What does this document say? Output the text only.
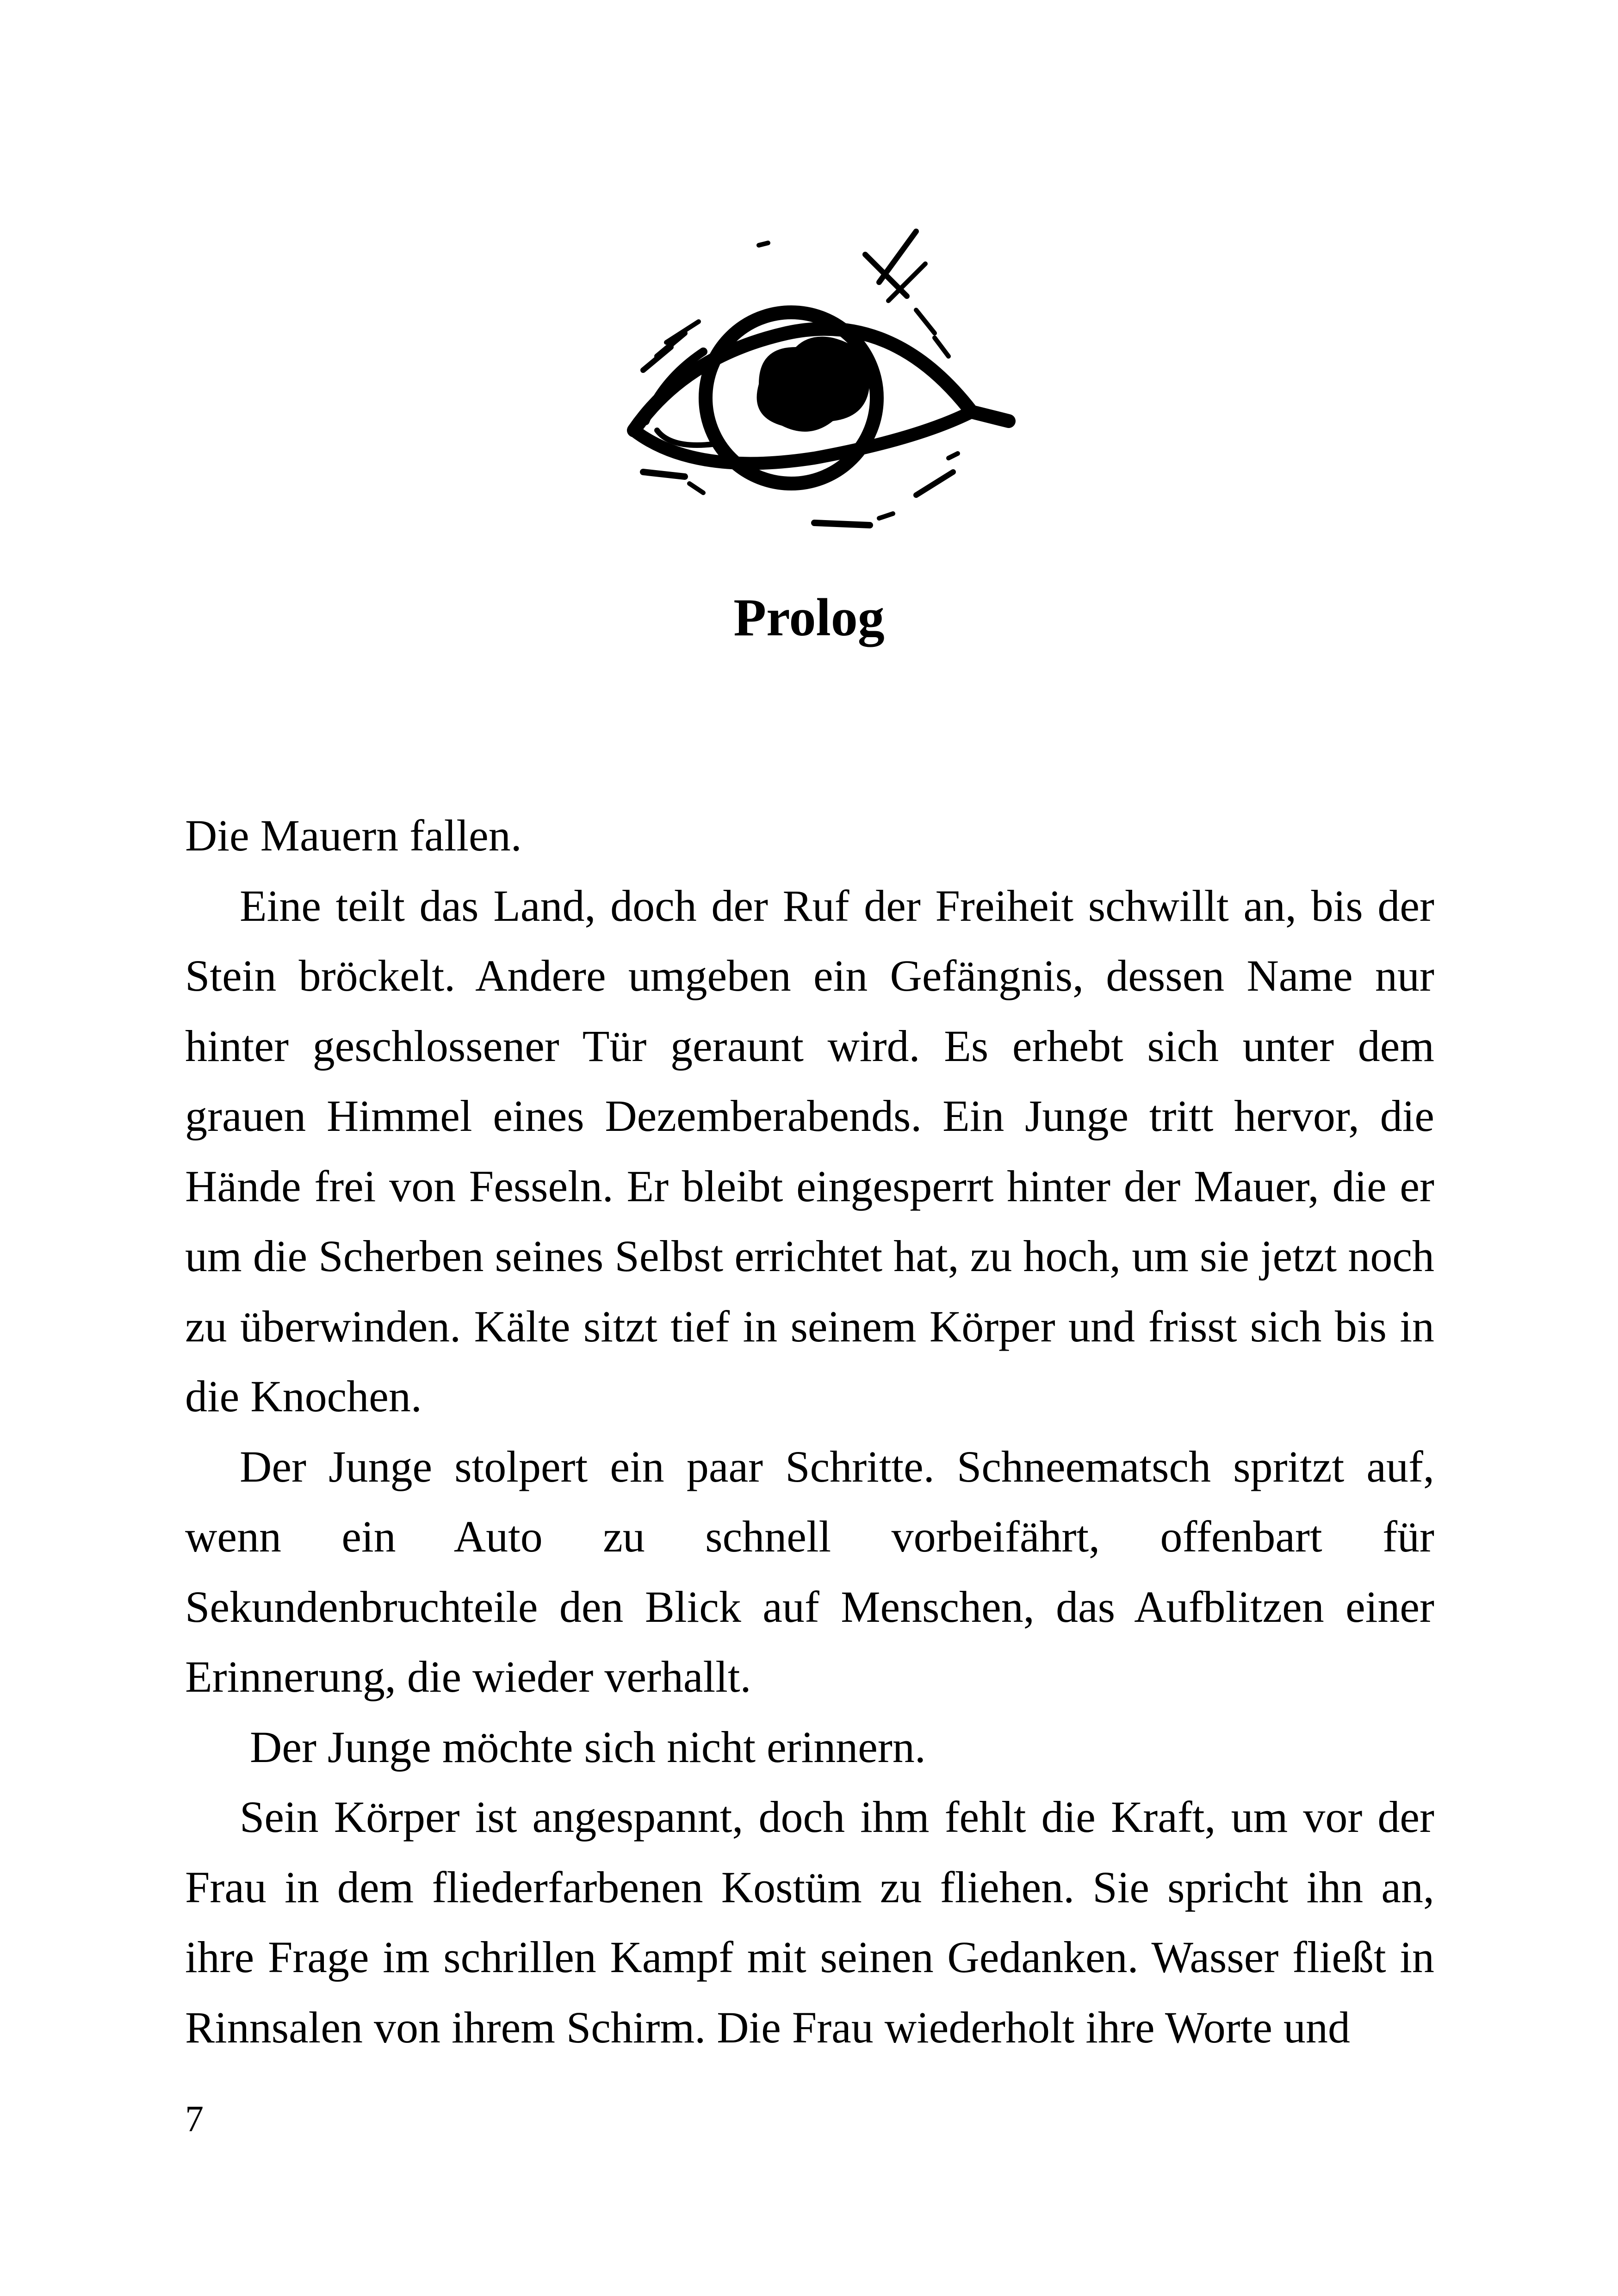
Prolog

Die Mauern fallen.

Eine teilt das Land, doch der Ruf der Freiheit schwillt an, bis der Stein bröckelt. Andere umgeben ein Gefängnis, dessen Name nur hinter geschlossener Tür geraunt wird. Es erhebt sich unter dem grauen Himmel eines Dezemberabends. Ein Junge tritt hervor, die Hände frei von Fesseln. Er bleibt eingesperrt hinter der Mauer, die er um die Scherben seines Selbst errichtet hat, zu hoch, um sie jetzt noch zu überwinden. Kälte sitzt tief in seinem Körper und frisst sich bis in die Knochen.

Der Junge stolpert ein paar Schritte. Schneematsch spritzt auf, wenn ein Auto zu schnell vorbeifährt, offenbart für Sekundenbruchteile den Blick auf Menschen, das Aufblitzen einer Erinnerung, die wieder verhallt.

Der Junge möchte sich nicht erinnern.

Sein Körper ist angespannt, doch ihm fehlt die Kraft, um vor der Frau in dem fliederfarbenen Kostüm zu fliehen. Sie spricht ihn an, ihre Frage im schrillen Kampf mit seinen Gedanken. Wasser fließt in Rinnsalen von ihrem Schirm. Die Frau wiederholt ihre Worte und

7
